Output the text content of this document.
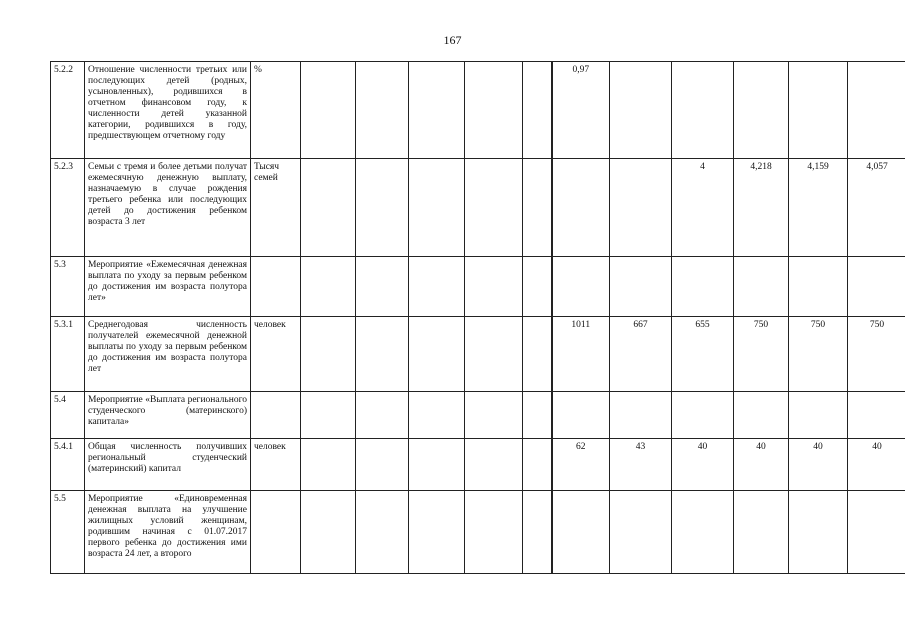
167
5.2.2	Отношение численности третьих или последующих детей (родных, усыновленных), родившихся в отчетном финансовом году, к численности детей указанной категории, родившихся в году, предшествующем отчетному году	%						0,97					
5.2.3	Семьи с тремя и более детьми получат ежемесячную денежную выплату, назначаемую в случае рождения третьего ребенка или последующих детей до достижения ребенком возраста 3 лет	Тысяч семей								4	4,218	4,159	4,057
5.3	Мероприятие «Ежемесячная денежная выплата по уходу за первым ребенком до достижения им возраста полутора лет»												
5.3.1	Среднегодовая численность получателей ежемесячной денежной выплаты по уходу за первым ребенком до достижения им возраста полутора лет	человек						1011	667	655	750	750	750
5.4	Мероприятие «Выплата регионального студенческого (материнского) капитала»												
5.4.1	Общая численность получивших региональный студенческий (материнский) капитал	человек						62	43	40	40	40	40
5.5	Мероприятие «Единовременная денежная выплата на улучшение жилищных условий женщинам, родившим начиная с 01.07.2017 первого ребенка до достижения ими возраста 24 лет, а второго												
